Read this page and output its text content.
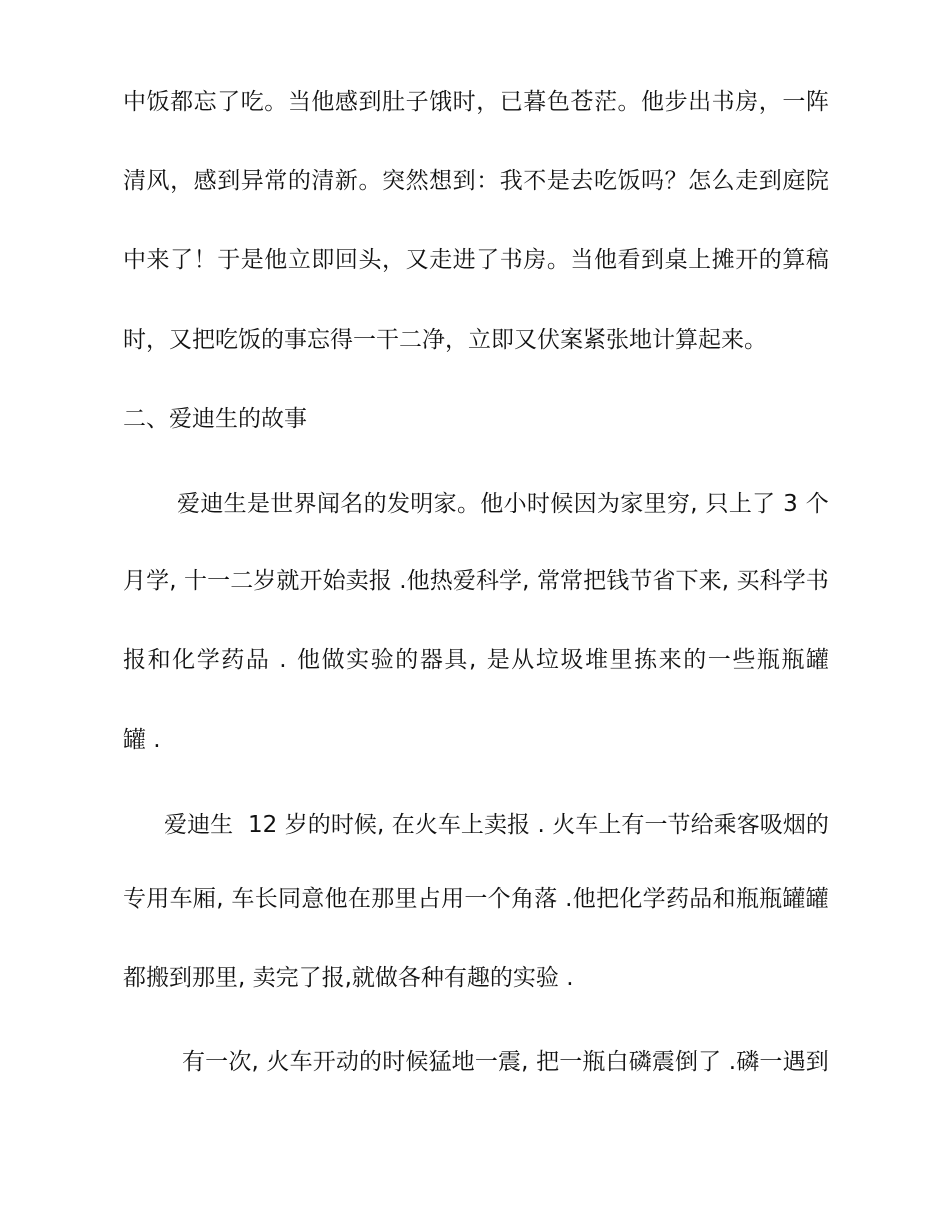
中 饭 都 忘 了 吃 。 当 他 感 到 肚 子 饿 时 ， 已 暮 色 苍 茫 。 他 步 出 书 房 ， 一 阵
清 风 ， 感 到 异 常 的 清 新 。 突 然 想 到 ： 我 不 是 去 吃 饭 吗 ？ 怎 么 走 到 庭 院
中 来 了 ！ 于 是 他 立 即 回 头 ， 又 走 进 了 书 房 。 当 他 看 到 桌 上 摊 开 的 算 稿
时，又把吃饭的事忘得一干二净，立即又伏案紧张地计算起来。
二、爱迪生的故事
爱 迪 生 是 世 界 闻 名 的 发 明 家 。 他 小 时 候 因 为 家 里 穷 ,
只 上 了
3
个
月 学 ,
十 一 二 岁 就 开 始 卖 报
. 他 热 爱 科 学 ,
常 常 把 钱 节 省 下 来 ,
买 科 学 书
报 和 化 学 药 品
.
他 做 实 验 的 器 具 ,
是 从 垃 圾 堆 里 拣 来 的 一 些 瓶 瓶 罐
罐 .
爱 迪 生

1 2
岁 的 时 候 ,
在 火 车 上 卖 报
.
火 车 上 有 一 节 给 乘 客 吸 烟 的
专 用 车 厢 ,
车 长 同 意 他 在 那 里 占 用 一 个 角 落
. 他 把 化 学 药 品 和 瓶 瓶 罐 罐
都搬到那里, 卖完了报,就做各种有趣的实验 .
有 一 次 ,
火 车 开 动 的 时 候 猛 地 一 震 ,
把 一 瓶 白 磷 震 倒 了
. 磷 一 遇 到
